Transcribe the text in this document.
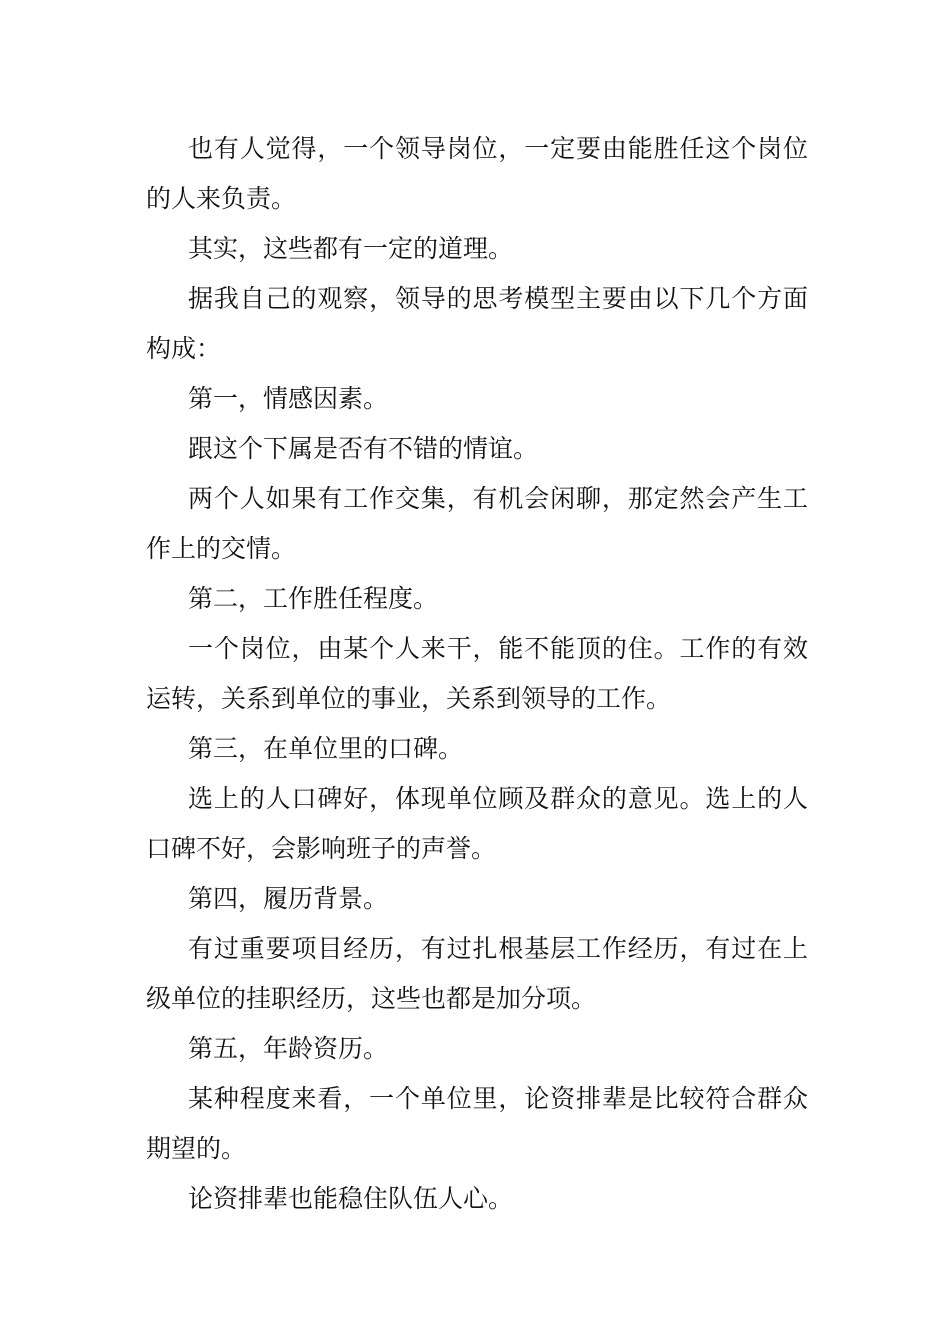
也有人觉得，一个领导岗位，一定要由能胜任这个岗位的人来负责。

其实，这些都有一定的道理。

据我自己的观察，领导的思考模型主要由以下几个方面构成：

第一，情感因素。

跟这个下属是否有不错的情谊。

两个人如果有工作交集，有机会闲聊，那定然会产生工作上的交情。

第二，工作胜任程度。

一个岗位，由某个人来干，能不能顶的住。工作的有效运转，关系到单位的事业，关系到领导的工作。

第三，在单位里的口碑。

选上的人口碑好，体现单位顾及群众的意见。选上的人口碑不好，会影响班子的声誉。

第四，履历背景。

有过重要项目经历，有过扎根基层工作经历，有过在上级单位的挂职经历，这些也都是加分项。

第五，年龄资历。

某种程度来看，一个单位里，论资排辈是比较符合群众期望的。

论资排辈也能稳住队伍人心。
